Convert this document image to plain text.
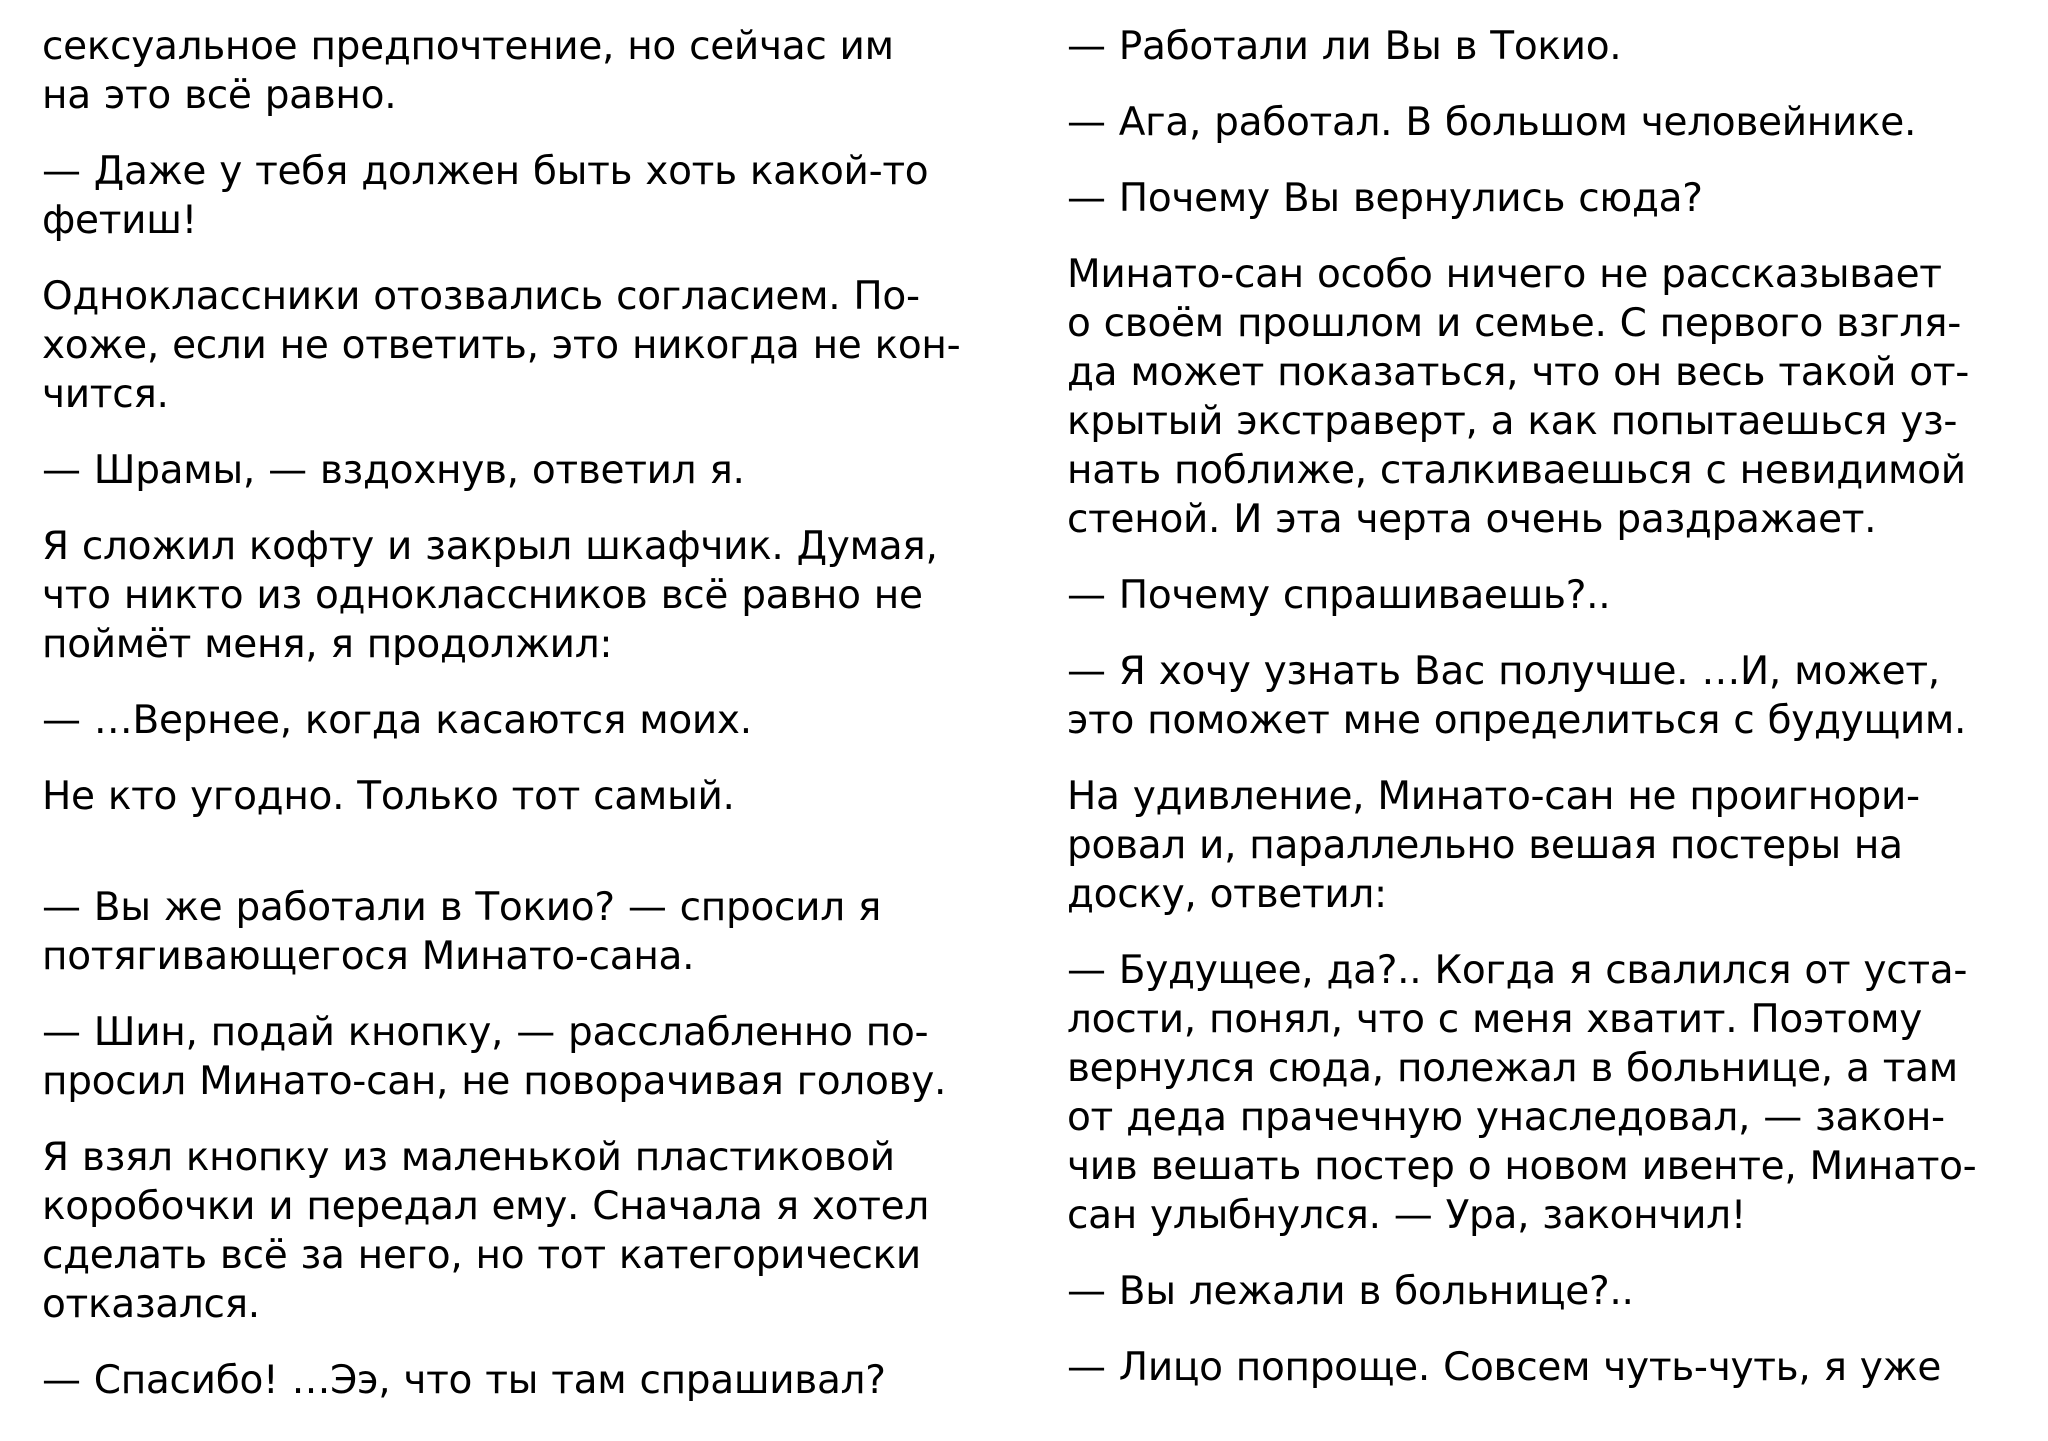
сексуальное предпочтение, но сейчас им
на это всё равно.
— Даже у тебя должен быть хоть какой-то
фетиш!
Одноклассники отозвались согласием. По-
хоже, если не ответить, это никогда не кон-
чится.
— Шрамы, — вздохнув, ответил я.
Я сложил кофту и закрыл шкафчик. Думая,
что никто из одноклассников всё равно не
поймёт меня, я продолжил:
— …Вернее, когда касаются моих.
Не кто угодно. Только тот самый.
— Вы же работали в Токио? — спросил я
потягивающегося Минато-сана.
— Шин, подай кнопку, — расслабленно по-
просил Минато-сан, не поворачивая голову.
Я взял кнопку из маленькой пластиковой
коробочки и передал ему. Сначала я хотел
сделать всё за него, но тот категорически
отказался.
— Спасибо! …Ээ, что ты там спрашивал?
— Работали ли Вы в Токио.
— Ага, работал. В большом человейнике.
— Почему Вы вернулись сюда?
Минато-сан особо ничего не рассказывает
о своём прошлом и семье. С первого взгля-
да может показаться, что он весь такой от-
крытый экстраверт, а как попытаешься уз-
нать поближе, сталкиваешься с невидимой
стеной. И эта черта очень раздражает.
— Почему спрашиваешь?..
— Я хочу узнать Вас получше. …И, может,
это поможет мне определиться с будущим.
На удивление, Минато-сан не проигнори-
ровал и, параллельно вешая постеры на
доску, ответил:
— Будущее, да?.. Когда я свалился от уста-
лости, понял, что с меня хватит. Поэтому
вернулся сюда, полежал в больнице, а там
от деда прачечную унаследовал, — закон-
чив вешать постер о новом ивенте, Минато-
сан улыбнулся. — Ура, закончил!
— Вы лежали в больнице?..
— Лицо попроще. Совсем чуть-чуть, я уже
